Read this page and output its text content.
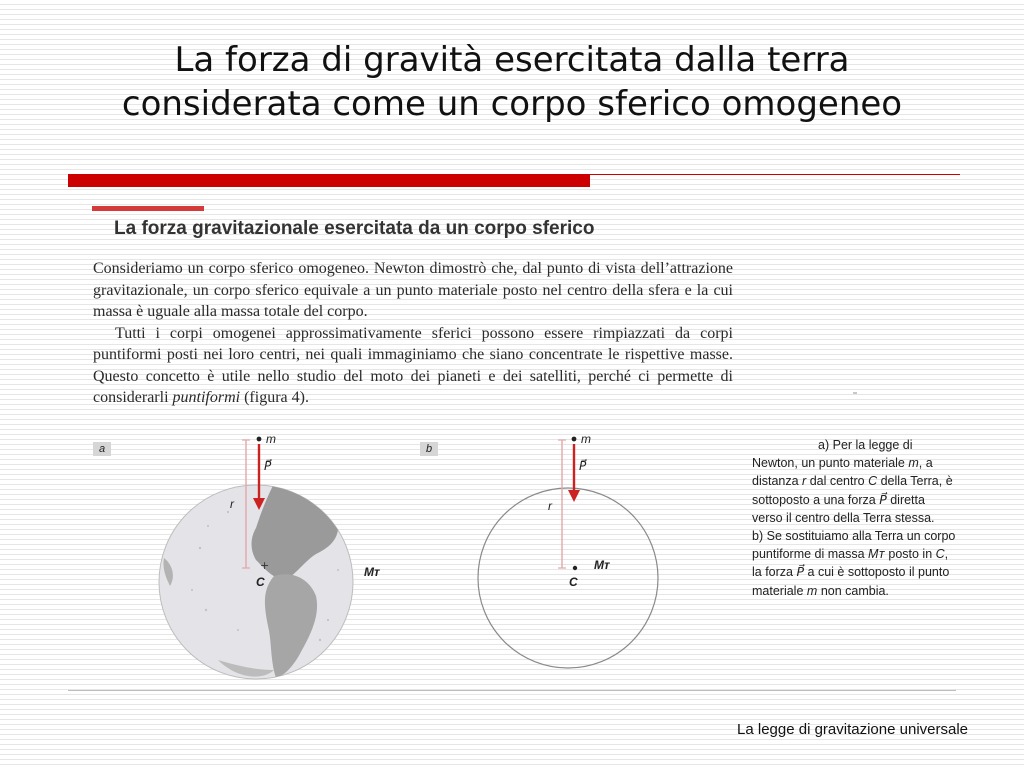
La forza di gravità esercitata dalla terra
considerata come un corpo sferico omogeneo
La forza gravitazionale esercitata da un corpo sferico

Consideriamo un corpo sferico omogeneo. Newton dimostrò che, dal punto di vista dell’attrazione gravitazionale, un corpo sferico equivale a un punto materiale posto nel centro della sfera e la cui massa è uguale alla massa totale del corpo.

Tutti i corpi omogenei approssimativamente sferici possono essere rimpiazzati da corpi puntiformi posti nei loro centri, nei quali immaginiamo che siano concentrate le rispettive masse. Questo concetto è utile nello studio del moto dei pianeti e dei satelliti, perché ci permette di considerarli puntiformi (figura 4).

a
+
m
P⃗
r
C
Mᴛ
b
m
P⃗
r
C
Mᴛ

a) Per la legge di Newton, un punto materiale m, a distanza r dal centro C della Terra, è sottoposto a una forza P⃗ diretta verso il centro della Terra stessa.

b) Se sostituiamo alla Terra un corpo puntiforme di massa Mᴛ posto in C, la forza P⃗ a cui è sottoposto il punto materiale m non cambia.

La legge di gravitazione universale
